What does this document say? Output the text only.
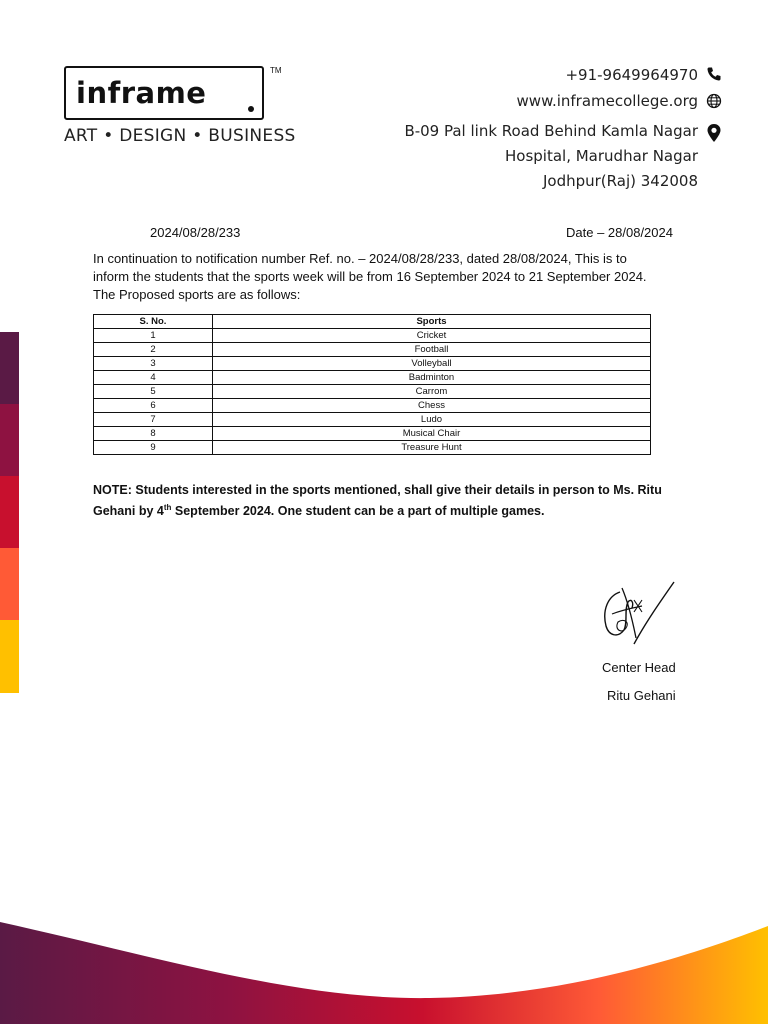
inframe
TM
ART • DESIGN • BUSINESS
+91-9649964970
www.inframecollege.org
B-09 Pal link Road Behind Kamla Nagar
Hospital, Marudhar Nagar
Jodhpur(Raj) 342008
2024/08/28/233	Date – 28/08/2024
In continuation to notification number Ref. no. – 2024/08/28/233, dated 28/08/2024, This is to inform the students that the sports week will be from 16 September 2024 to 21 September 2024. The Proposed sports are as follows:
S. No.	Sports
1	Cricket
2	Football
3	Volleyball
4	Badminton
5	Carrom
6	Chess
7	Ludo
8	Musical Chair
9	Treasure Hunt
NOTE: Students interested in the sports mentioned, shall give their details in person to Ms. Ritu Gehani by 4th September 2024. One student can be a part of multiple games.
Center Head
Ritu Gehani
